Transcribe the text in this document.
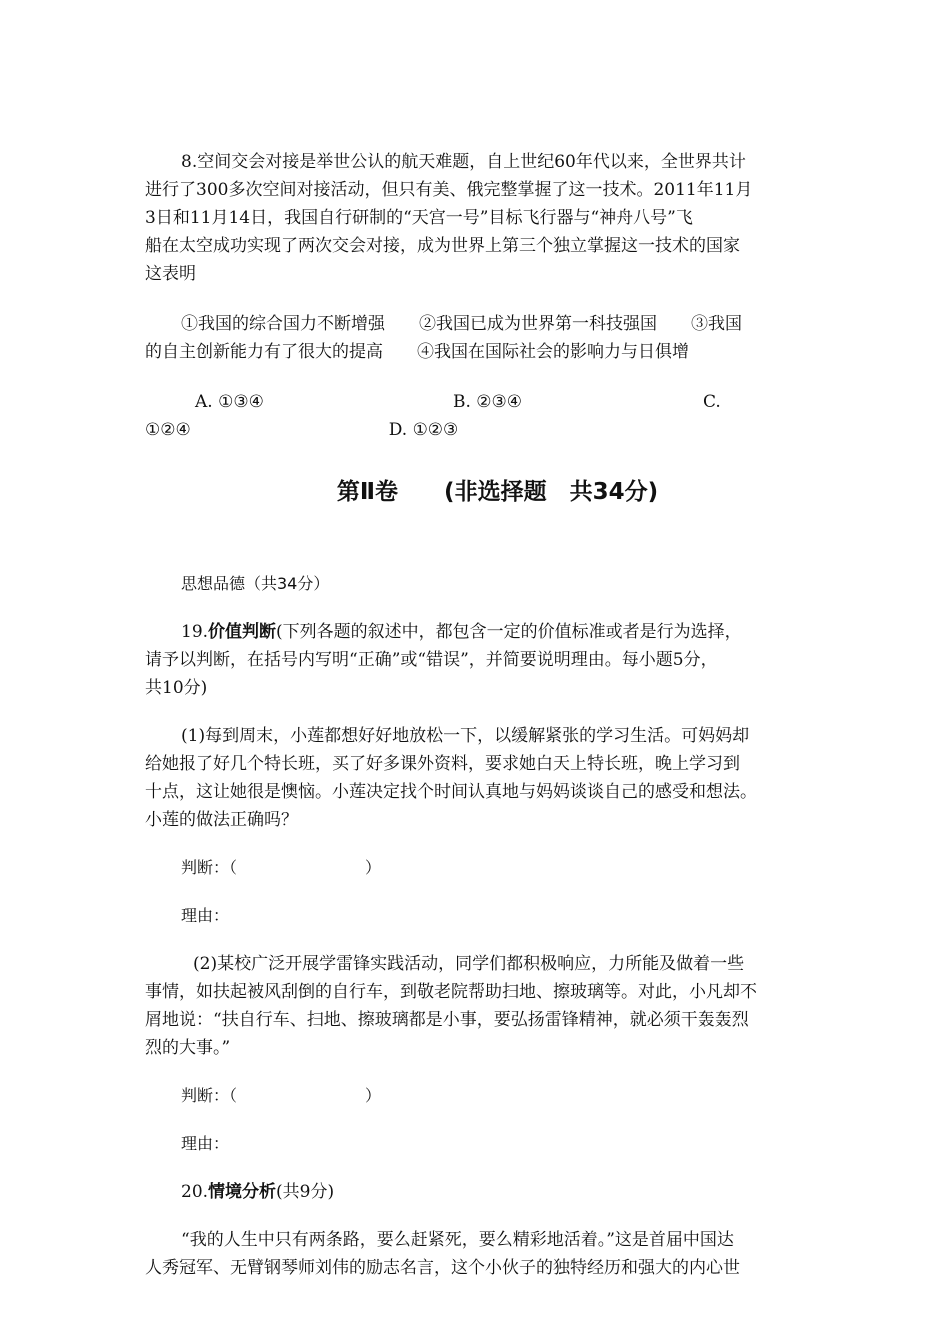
8.空间交会对接是举世公认的航天难题，自上世纪60年代以来，全世界共计

进行了300多次空间对接活动，但只有美、俄完整掌握了这一技术。2011年11月

3日和11月14日，我国自行研制的“天宫一号”目标飞行器与“神舟八号”飞

船在太空成功实现了两次交会对接，成为世界上第三个独立掌握这一技术的国家

这表明

①我国的综合国力不断增强　　②我国已成为世界第一科技强国　　③我国

的自主创新能力有了很大的提高　　④我国在国际社会的影响力与日俱增

A. ①③④	B. ②③④	C.
①②④	D. ①②③

第Ⅱ卷　　(非选择题　共34分)

思想品德（共34分）

19.价值判断(下列各题的叙述中，都包含一定的价值标准或者是行为选择，

请予以判断，在括号内写明“正确”或“错误”，并简要说明理由。每小题5分，

共10分)

(1)每到周末，小莲都想好好地放松一下，以缓解紧张的学习生活。可妈妈却

给她报了好几个特长班，买了好多课外资料，要求她白天上特长班，晚上学习到

十点，这让她很是懊恼。小莲决定找个时间认真地与妈妈谈谈自己的感受和想法。

小莲的做法正确吗？

判断：（　　　　　　　　）

理由：

(2)某校广泛开展学雷锋实践活动，同学们都积极响应，力所能及做着一些

事情，如扶起被风刮倒的自行车，到敬老院帮助扫地、擦玻璃等。对此，小凡却不

屑地说：“扶自行车、扫地、擦玻璃都是小事，要弘扬雷锋精神，就必须干轰轰烈

烈的大事。”

判断：（　　　　　　　　）

理由：

20.情境分析(共9分)

“我的人生中只有两条路，要么赶紧死，要么精彩地活着。”这是首届中国达

人秀冠军、无臂钢琴师刘伟的励志名言，这个小伙子的独特经历和强大的内心世
